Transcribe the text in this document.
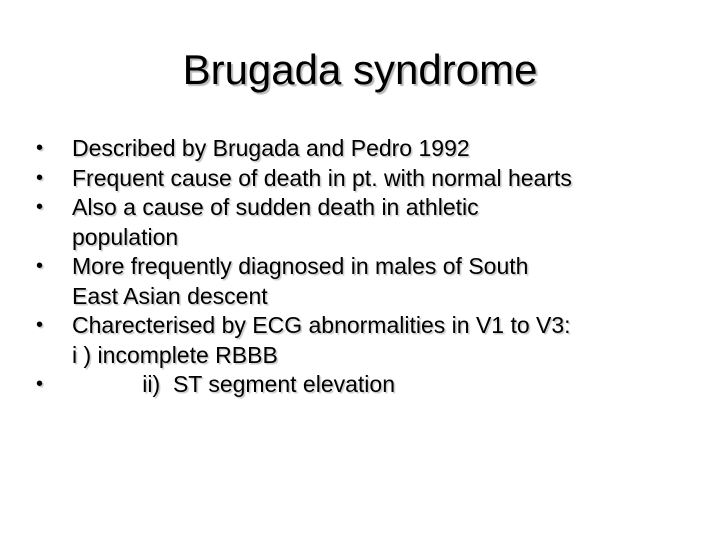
Brugada syndrome
•	Described by Brugada and Pedro 1992
•	Frequent cause of death in pt. with normal hearts
•	Also a cause of sudden death in athletic
population
•	More frequently diagnosed in males of South
East Asian descent
•	Charecterised by ECG abnormalities in V1 to V3:
i ) incomplete RBBB
•	ii)  ST segment elevation
